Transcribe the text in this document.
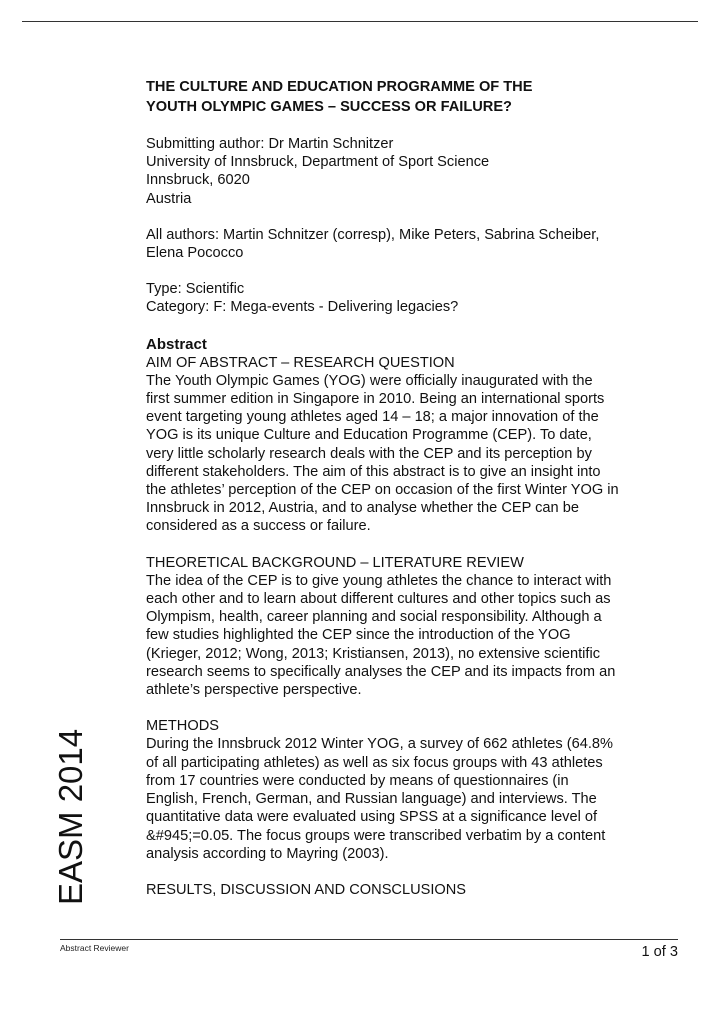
THE CULTURE AND EDUCATION PROGRAMME OF THE
YOUTH OLYMPIC GAMES – SUCCESS OR FAILURE?
Submitting author: Dr Martin Schnitzer
University of Innsbruck, Department of Sport Science
Innsbruck, 6020
Austria
All authors: Martin Schnitzer (corresp), Mike Peters, Sabrina Scheiber,
Elena Pococco
Type: Scientific
Category: F: Mega-events - Delivering legacies?
Abstract
AIM OF ABSTRACT – RESEARCH QUESTION
The Youth Olympic Games (YOG) were officially inaugurated with the
first summer edition in Singapore in 2010. Being an international sports
event targeting young athletes aged 14 – 18; a major innovation of the
YOG is its unique Culture and Education Programme (CEP). To date,
very little scholarly research deals with the CEP and its perception by
different stakeholders. The aim of this abstract is to give an insight into
the athletes’ perception of the CEP on occasion of the first Winter YOG in
Innsbruck in 2012, Austria, and to analyse whether the CEP can be
considered as a success or failure.
THEORETICAL BACKGROUND – LITERATURE REVIEW
The idea of the CEP is to give young athletes the chance to interact with
each other and to learn about different cultures and other topics such as
Olympism, health, career planning and social responsibility. Although a
few studies highlighted the CEP since the introduction of the YOG
(Krieger, 2012; Wong, 2013; Kristiansen, 2013), no extensive scientific
research seems to specifically analyses the CEP and its impacts from an
athlete’s perspective perspective.
METHODS
During the Innsbruck 2012 Winter YOG, a survey of 662 athletes (64.8%
of all participating athletes) as well as six focus groups with 43 athletes
from 17 countries were conducted by means of questionnaires (in
English, French, German, and Russian language) and interviews. The
quantitative data were evaluated using SPSS at a significance level of
&#945;=0.05. The focus groups were transcribed verbatim by a content
analysis according to Mayring (2003).
RESULTS, DISCUSSION AND CONSCLUSIONS
EASM 2014
Abstract Reviewer	1 of 3
